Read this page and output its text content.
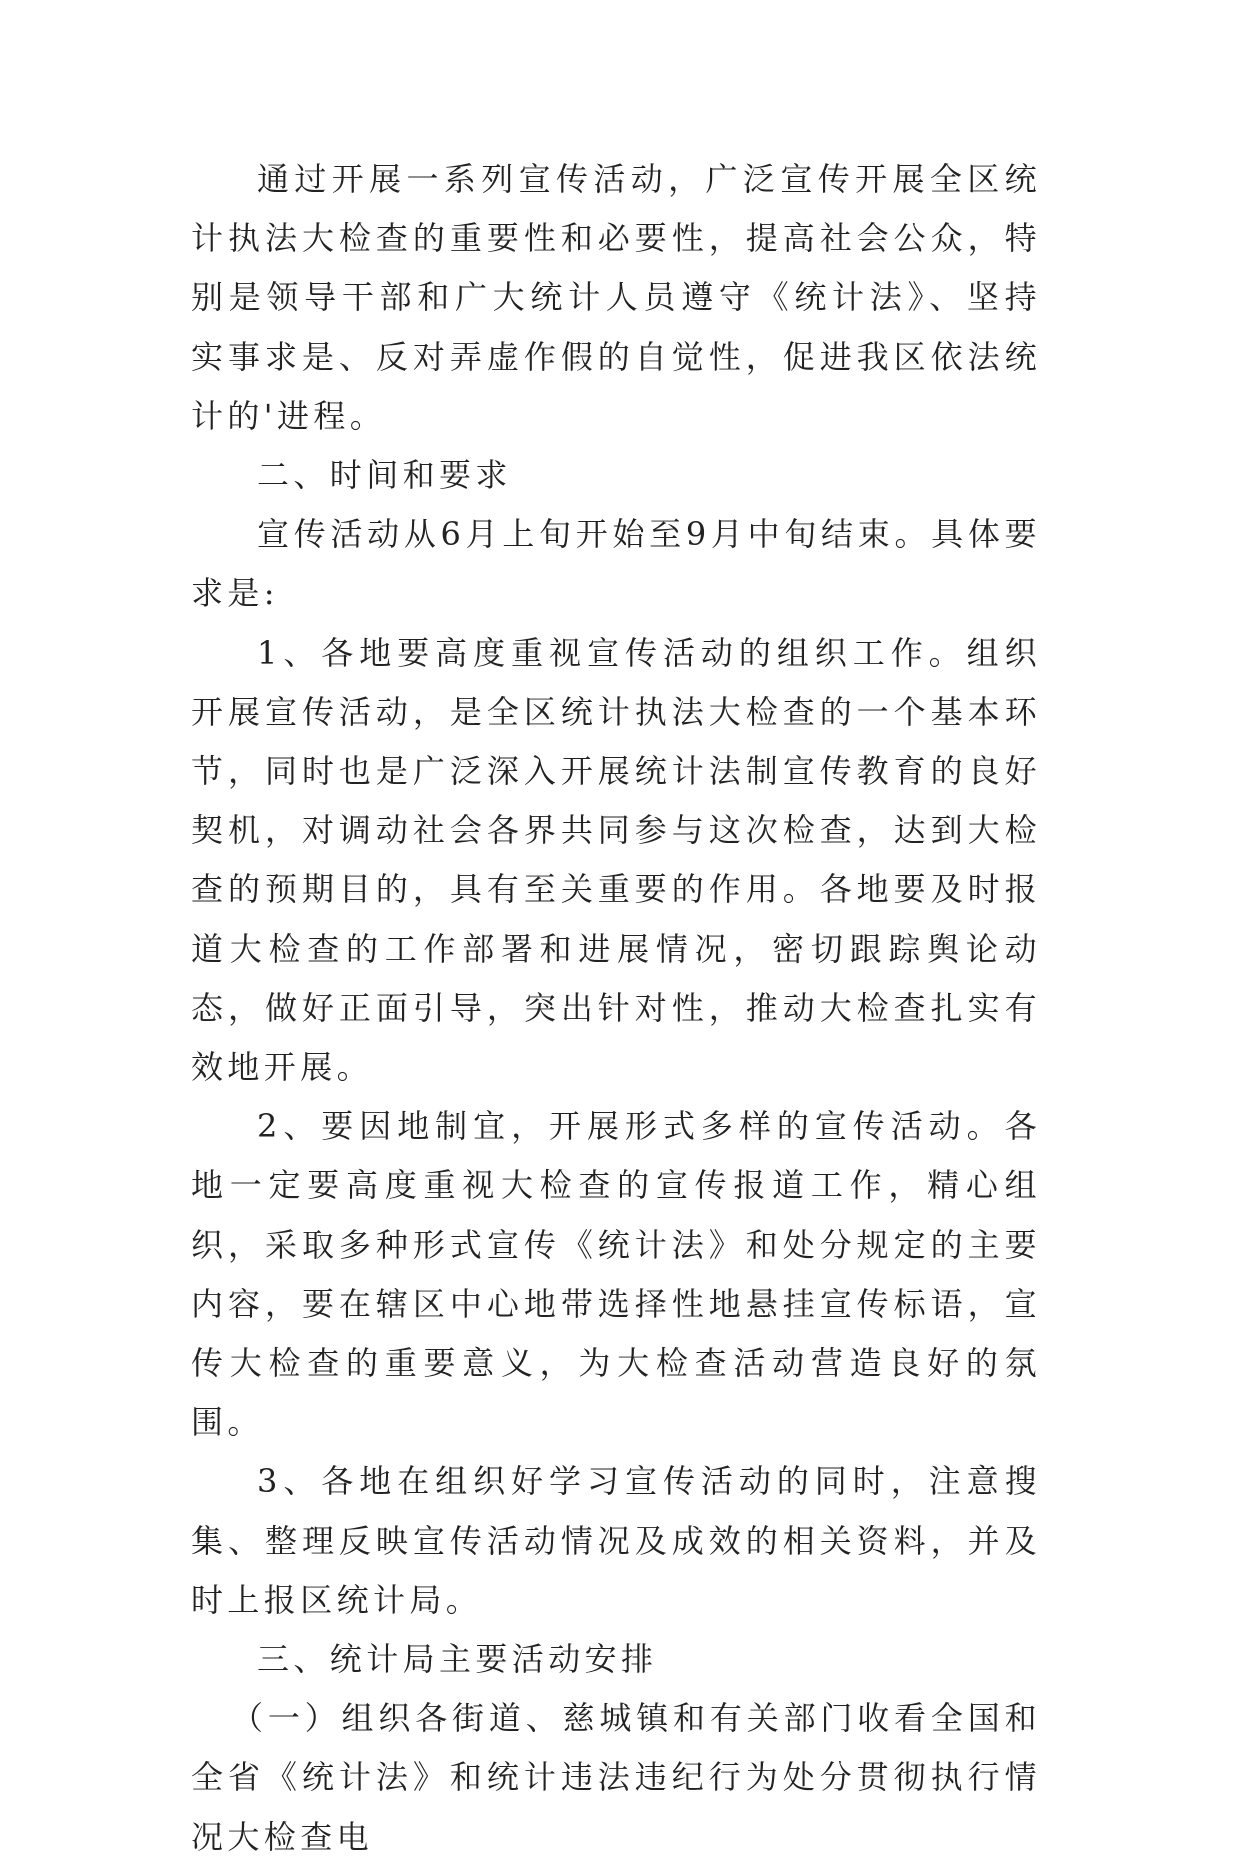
通过开展一系列宣传活动，广泛宣传开展全区统计执法大检查的重要性和必要性，提高社会公众，特别是领导干部和广大统计人员遵守《统计法》、坚持实事求是、反对弄虚作假的自觉性，促进我区依法统计的'进程。

二、时间和要求

宣传活动从6月上旬开始至9月中旬结束。具体要求是:

1、各地要高度重视宣传活动的组织工作。组织开展宣传活动，是全区统计执法大检查的一个基本环节，同时也是广泛深入开展统计法制宣传教育的良好契机，对调动社会各界共同参与这次检查，达到大检查的预期目的，具有至关重要的作用。各地要及时报道大检查的工作部署和进展情况，密切跟踪舆论动态，做好正面引导，突出针对性，推动大检查扎实有效地开展。

2、要因地制宜，开展形式多样的宣传活动。各地一定要高度重视大检查的宣传报道工作，精心组织，采取多种形式宣传《统计法》和处分规定的主要内容，要在辖区中心地带选择性地悬挂宣传标语，宣传大检查的重要意义，为大检查活动营造良好的氛围。

3、各地在组织好学习宣传活动的同时，注意搜集、整理反映宣传活动情况及成效的相关资料，并及时上报区统计局。

三、统计局主要活动安排

（一）组织各街道、慈城镇和有关部门收看全国和全省《统计法》和统计违法违纪行为处分贯彻执行情况大检查电
